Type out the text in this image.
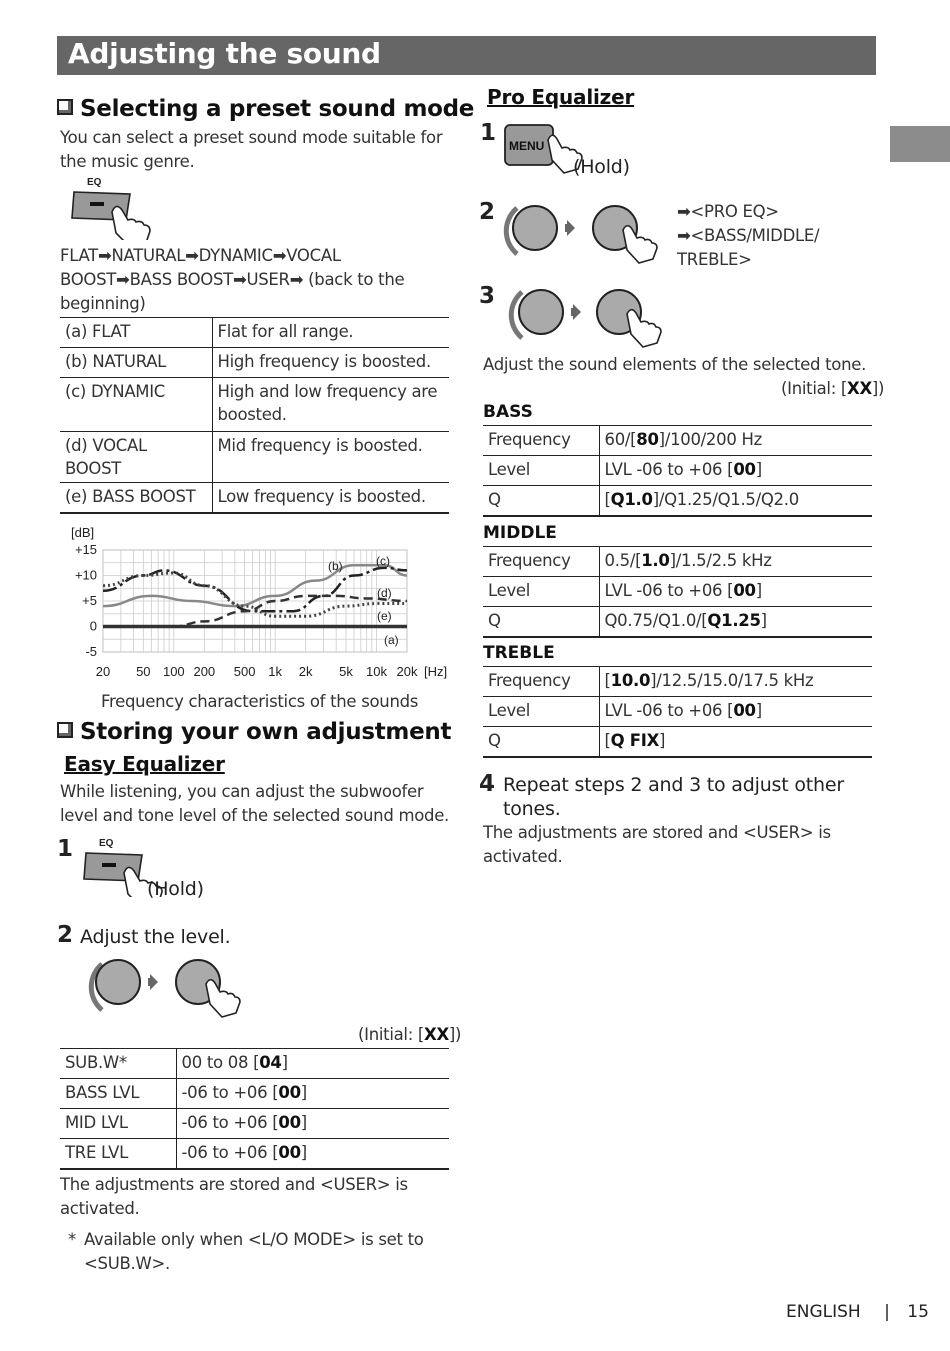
Adjusting the sound
Selecting a preset sound mode
You can select a preset sound mode suitable for the music genre.
EQ
FLAT➡NATURAL➡DYNAMIC➡VOCAL
BOOST➡BASS BOOST➡USER➡ (back to the
beginning)
(a) FLAT	Flat for all range.
(b) NATURAL	High frequency is boosted.
(c) DYNAMIC	High and low frequency are boosted.
(d) VOCAL BOOST	Mid frequency is boosted.
(e) BASS BOOST	Low frequency is boosted.
[dB]
[Hz]
20 50 100 200 500 1k 2k 5k 10k 20k
+15
+10
+5
0
-5
(a)
(b)	(c)
(d)
(e)
Frequency characteristics of the sounds
Storing your own adjustment
Easy Equalizer
While listening, you can adjust the subwoofer level and tone level of the selected sound mode.
1	EQ
(Hold)
2 Adjust the level.
(Initial: [XX])
SUB.W*	00 to 08 [04]
BASS LVL	-06 to +06 [00]
MID LVL	-06 to +06 [00]
TRE LVL	-06 to +06 [00]
The adjustments are stored and <USER> is activated.
* Available only when <L/O MODE> is set to <SUB.W>.
Pro Equalizer
1 MENU
(Hold)
2	➡<PRO EQ>
➡<BASS/MIDDLE/
TREBLE>
3
Adjust the sound elements of the selected tone.
(Initial: [XX])
BASS
Frequency	60/[80]/100/200 Hz
Level	LVL -06 to +06 [00]
Q	[Q1.0]/Q1.25/Q1.5/Q2.0
MIDDLE
Frequency	0.5/[1.0]/1.5/2.5 kHz
Level	LVL -06 to +06 [00]
Q	Q0.75/Q1.0/[Q1.25]
TREBLE
Frequency	[10.0]/12.5/15.0/17.5 kHz
Level	LVL -06 to +06 [00]
Q	[Q FIX]
4 Repeat steps 2 and 3 to adjust other tones.
The adjustments are stored and <USER> is activated.
ENGLISH | 15
